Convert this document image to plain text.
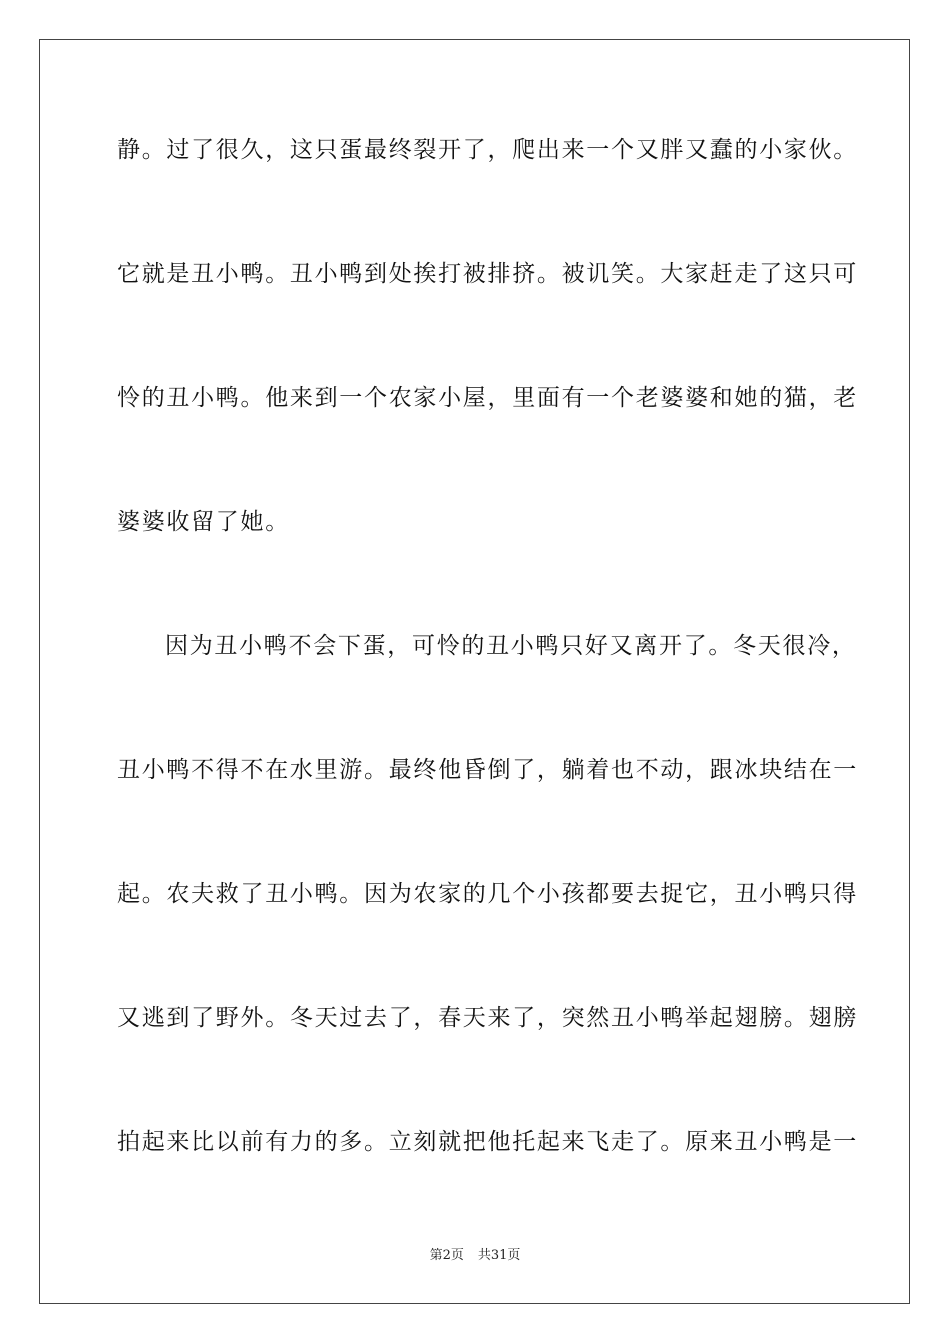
静。过了很久，这只蛋最终裂开了，爬出来一个又胖又蠢的小家伙。
它就是丑小鸭。丑小鸭到处挨打被排挤。被讥笑。大家赶走了这只可
怜的丑小鸭。他来到一个农家小屋，里面有一个老婆婆和她的猫，老
婆婆收留了她。
因为丑小鸭不会下蛋，可怜的丑小鸭只好又离开了。冬天很冷，
丑小鸭不得不在水里游。最终他昏倒了，躺着也不动，跟冰块结在一
起。农夫救了丑小鸭。因为农家的几个小孩都要去捉它，丑小鸭只得
又逃到了野外。冬天过去了，春天来了，突然丑小鸭举起翅膀。翅膀
拍起来比以前有力的多。立刻就把他托起来飞走了。原来丑小鸭是一
第2页 共31页
